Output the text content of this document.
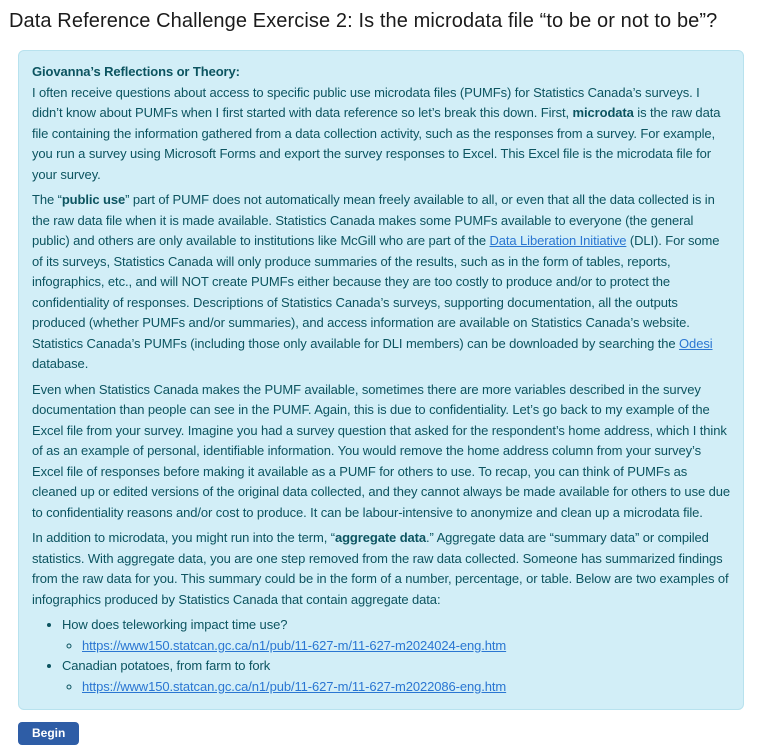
Data Reference Challenge Exercise 2: Is the microdata file “to be or not to be”?
Giovanna’s Reflections or Theory:

I often receive questions about access to specific public use microdata files (PUMFs) for Statistics Canada’s surveys. I didn’t know about PUMFs when I first started with data reference so let’s break this down. First, microdata is the raw data file containing the information gathered from a data collection activity, such as the responses from a survey. For example, you run a survey using Microsoft Forms and export the survey responses to Excel. This Excel file is the microdata file for your survey.

The “public use” part of PUMF does not automatically mean freely available to all, or even that all the data collected is in the raw data file when it is made available. Statistics Canada makes some PUMFs available to everyone (the general public) and others are only available to institutions like McGill who are part of the Data Liberation Initiative (DLI). For some of its surveys, Statistics Canada will only produce summaries of the results, such as in the form of tables, reports, infographics, etc., and will NOT create PUMFs either because they are too costly to produce and/or to protect the confidentiality of responses. Descriptions of Statistics Canada’s surveys, supporting documentation, all the outputs produced (whether PUMFs and/or summaries), and access information are available on Statistics Canada’s website. Statistics Canada’s PUMFs (including those only available for DLI members) can be downloaded by searching the Odesi database.

Even when Statistics Canada makes the PUMF available, sometimes there are more variables described in the survey documentation than people can see in the PUMF. Again, this is due to confidentiality. Let’s go back to my example of the Excel file from your survey. Imagine you had a survey question that asked for the respondent’s home address, which I think of as an example of personal, identifiable information. You would remove the home address column from your survey’s Excel file of responses before making it available as a PUMF for others to use. To recap, you can think of PUMFs as cleaned up or edited versions of the original data collected, and they cannot always be made available for others to use due to confidentiality reasons and/or cost to produce. It can be labour-intensive to anonymize and clean up a microdata file.

In addition to microdata, you might run into the term, “aggregate data.” Aggregate data are “summary data” or compiled statistics. With aggregate data, you are one step removed from the raw data collected. Someone has summarized findings from the raw data for you. This summary could be in the form of a number, percentage, or table. Below are two examples of infographics produced by Statistics Canada that contain aggregate data:

• How does teleworking impact time use?
◦ https://www150.statcan.gc.ca/n1/pub/11-627-m/11-627-m2024024-eng.htm
• Canadian potatoes, from farm to fork
◦ https://www150.statcan.gc.ca/n1/pub/11-627-m/11-627-m2022086-eng.htm
Begin
